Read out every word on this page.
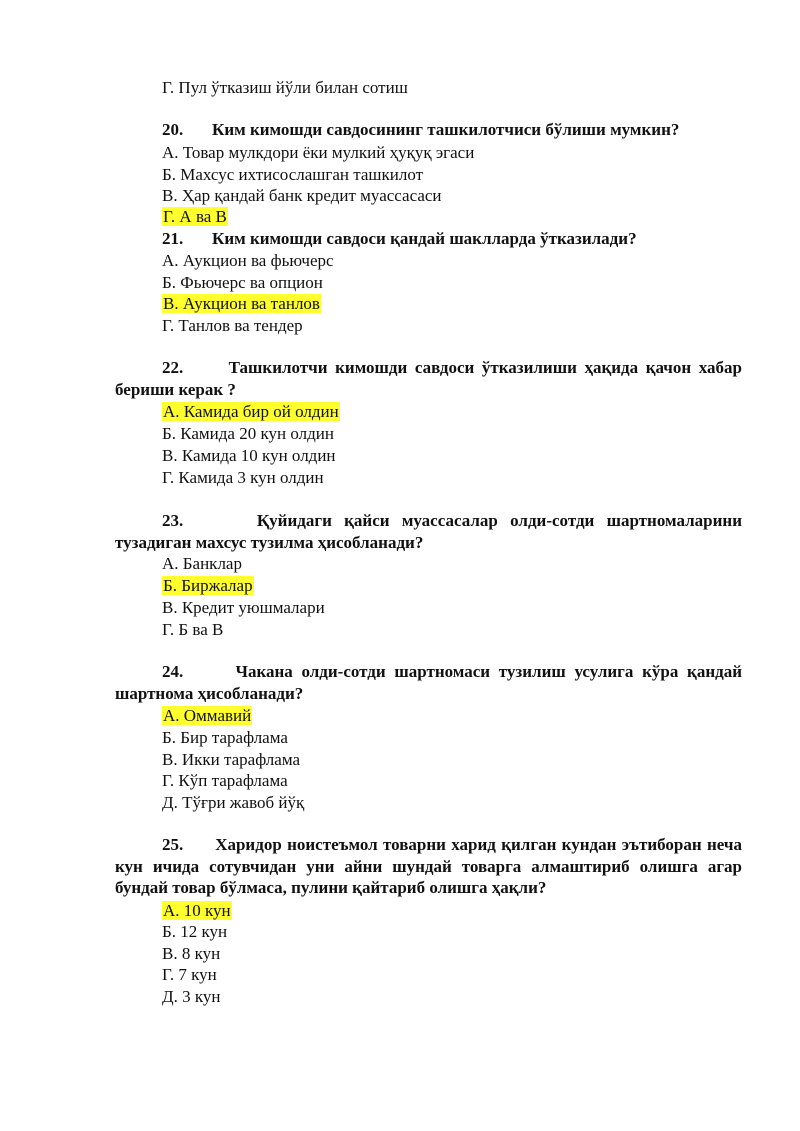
Г. Пул ўтказиш йўли билан сотиш
20. Ким кимошди савдосининг ташкилотчиси бўлиши мумкин?
А. Товар мулкдори ёки мулкий ҳуқуқ эгаси
Б. Махсус ихтисослашган ташкилот
В. Ҳар қандай банк кредит муассасаси
Г. А ва В
21. Ким кимошди савдоси қандай шаклларда ўтказилади?
А. Аукцион ва фьючерс
Б. Фьючерс ва опцион
В. Аукцион ва танлов
Г. Танлов ва тендер
22.	Ташкилотчи кимошди савдоси ўтказилиши ҳақида қачон хабар бериши керак ?
А. Камида бир ой олдин
Б. Камида 20 кун олдин
В. Камида 10 кун олдин
Г. Камида 3 кун олдин
23.	Қуйидаги қайси муассасалар олди-сотди шартномаларини тузадиган махсус тузилма ҳисобланади?
А. Банклар
Б. Биржалар
В. Кредит уюшмалари
Г. Б ва В
24.	Чакана олди-сотди шартномаси тузилиш усулига кўра қандай шартнома ҳисобланади?
А. Оммавий
Б. Бир тарафлама
В. Икки тарафлама
Г. Кўп тарафлама
Д. Тўғри жавоб йўқ
25. Харидор ноистеъмол товарни харид қилган кундан эътиборан неча кун ичида сотувчидан уни айни шундай товарга алмаштириб олишга агар бундай товар бўлмаса, пулини қайтариб олишга ҳақли?
А. 10 кун
Б. 12 кун
В. 8 кун
Г. 7 кун
Д. 3 кун
